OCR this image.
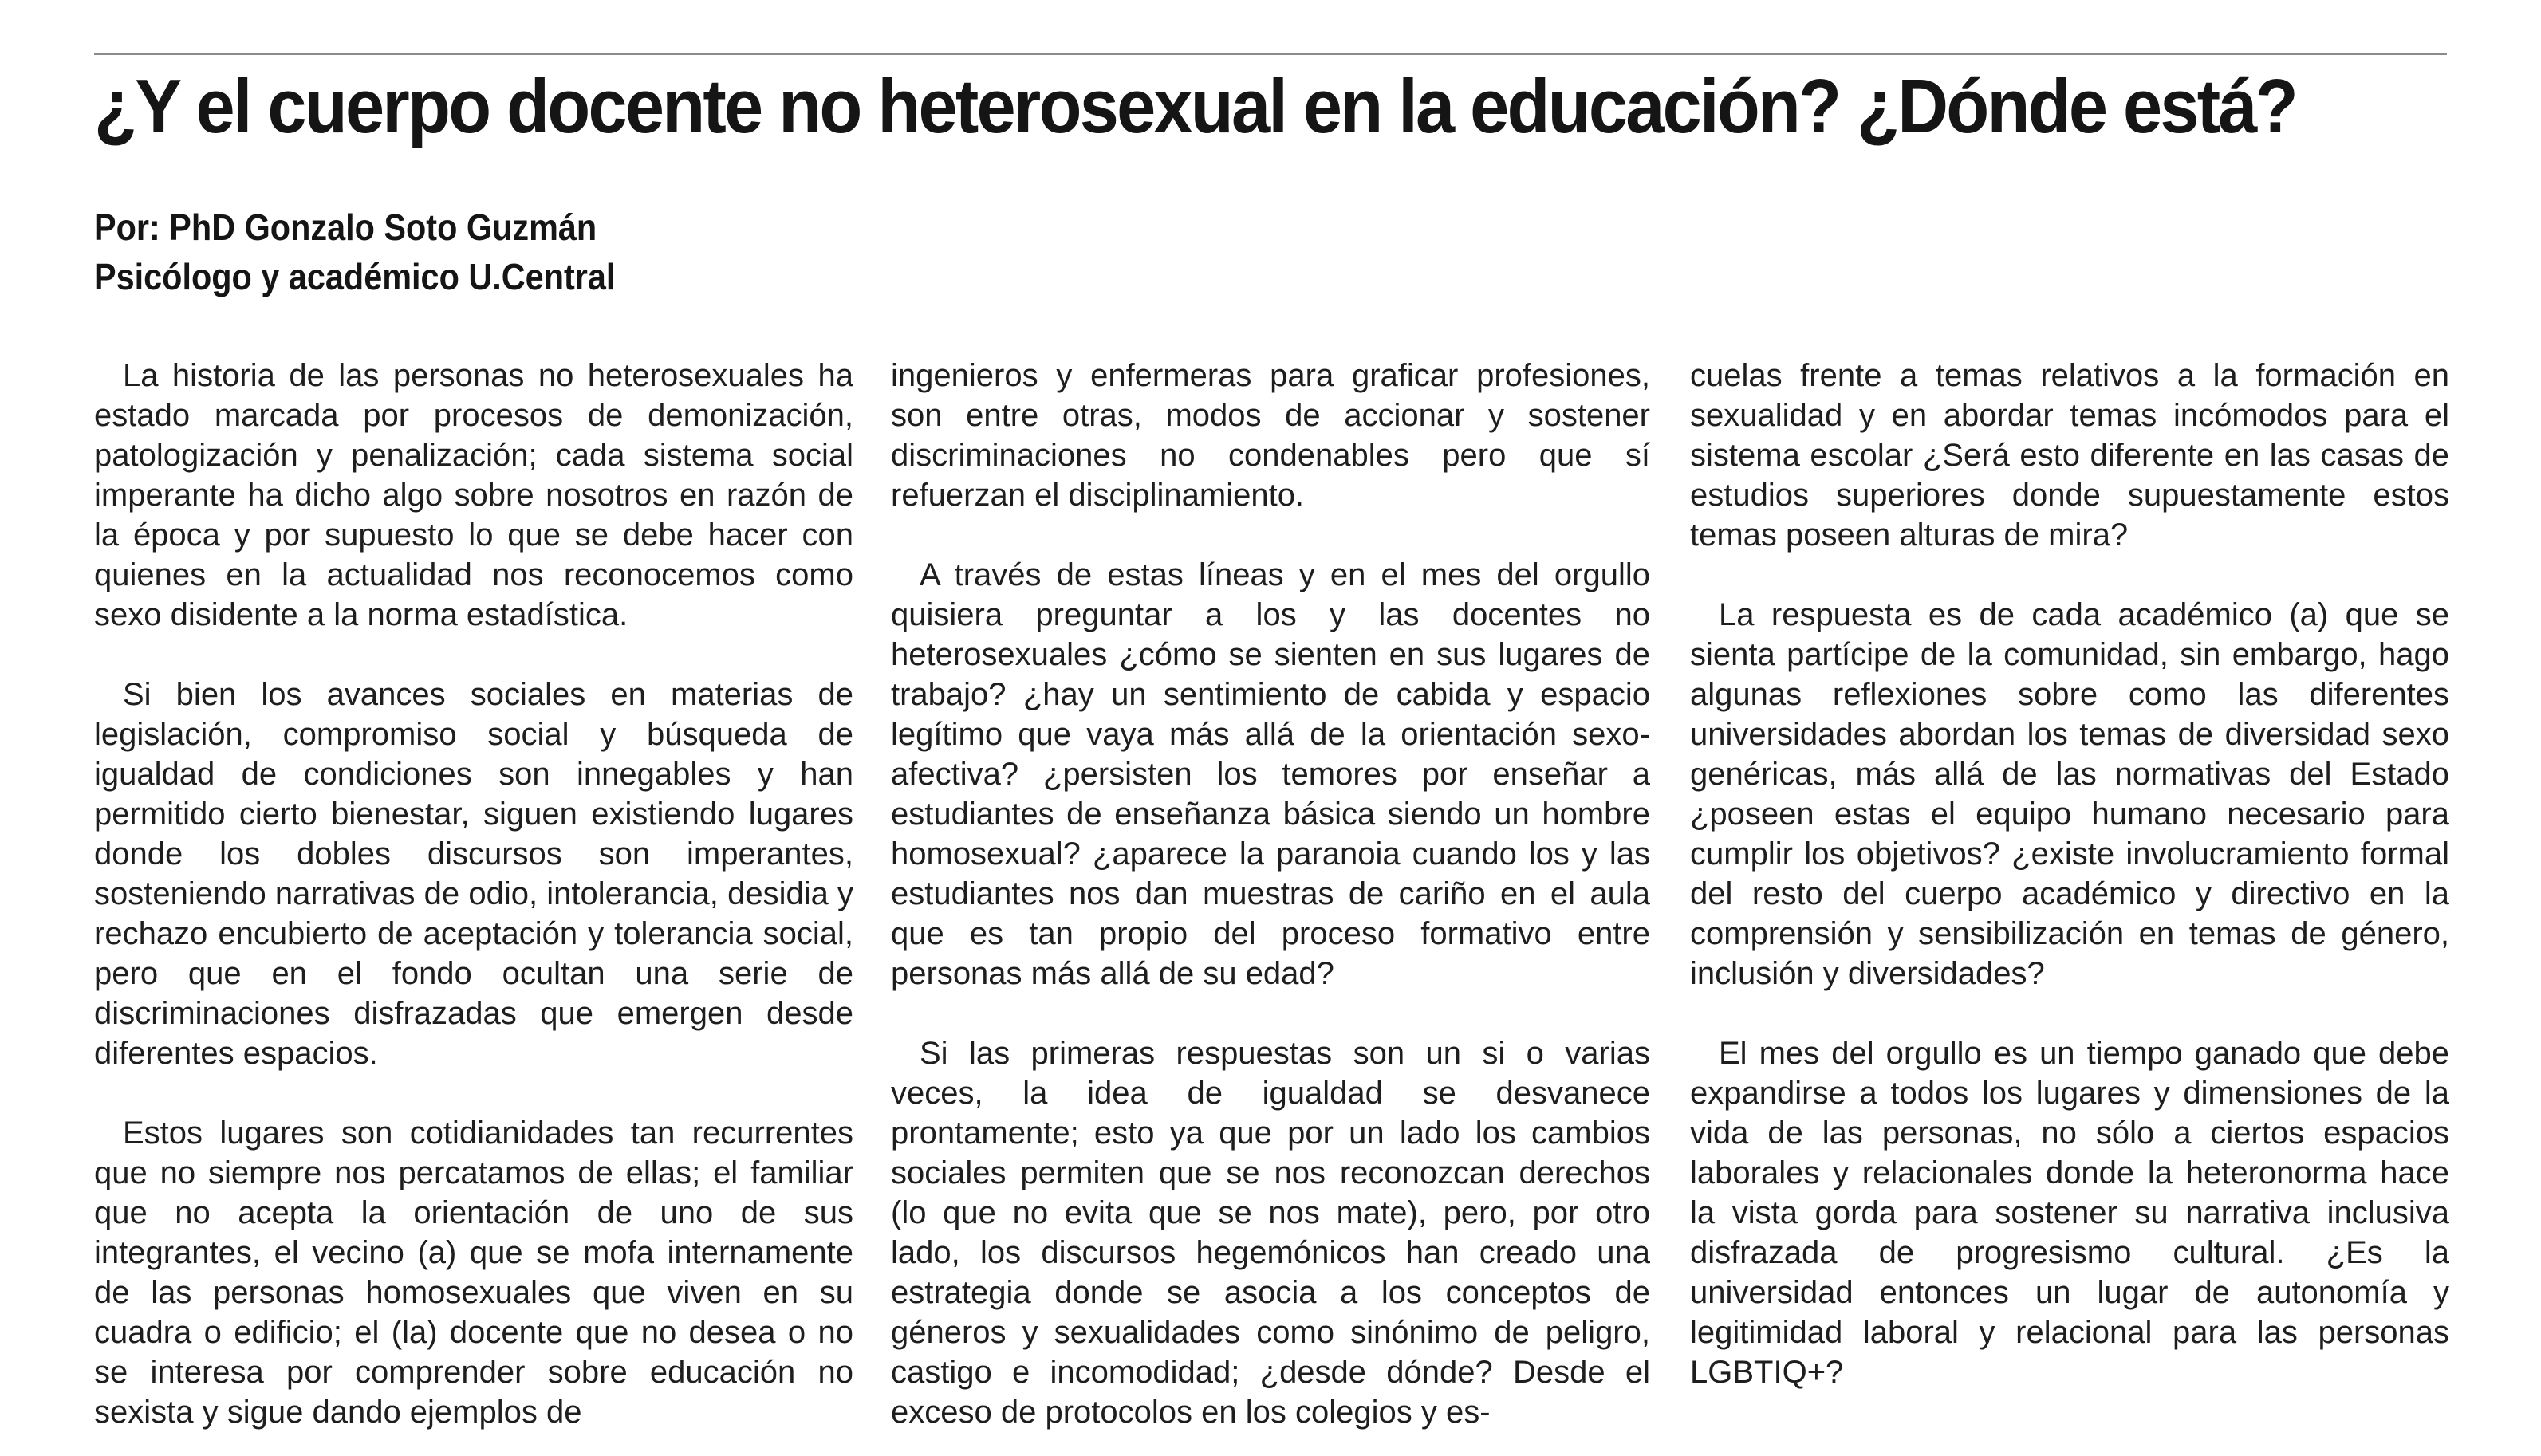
¿Y el cuerpo docente no heterosexual en la educación? ¿Dónde está?
Por: PhD Gonzalo Soto Guzmán
Psicólogo y académico U.Central

La historia de las personas no heterosexuales ha estado marcada por procesos de demonización, patologización y penalización; cada sistema social imperante ha dicho algo sobre nosotros en razón de la época y por supuesto lo que se debe hacer con quienes en la actualidad nos reconocemos como sexo disidente a la norma estadística.

Si bien los avances sociales en materias de legislación, compromiso social y búsqueda de igualdad de condiciones son innegables y han permitido cierto bienestar, siguen existiendo lugares donde los dobles discursos son imperantes, sosteniendo narrativas de odio, intolerancia, desidia y rechazo encubierto de aceptación y tolerancia social, pero que en el fondo ocultan una serie de discriminaciones disfrazadas que emergen desde diferentes espacios.

Estos lugares son cotidianidades tan recurrentes que no siempre nos percatamos de ellas; el familiar que no acepta la orientación de uno de sus integrantes, el vecino (a) que se mofa internamente de las personas homosexuales que viven en su cuadra o edificio; el (la) docente que no desea o no se interesa por comprender sobre educación no sexista y sigue dando ejemplos de

ingenieros y enfermeras para graficar profesiones, son entre otras, modos de accionar y sostener discriminaciones no condenables pero que sí refuerzan el disciplinamiento.

A través de estas líneas y en el mes del orgullo quisiera preguntar a los y las docentes no heterosexuales ¿cómo se sienten en sus lugares de trabajo? ¿hay un sentimiento de cabida y espacio legítimo que vaya más allá de la orientación sexo-afectiva? ¿persisten los temores por enseñar a estudiantes de enseñanza básica siendo un hombre homosexual? ¿aparece la paranoia cuando los y las estudiantes nos dan muestras de cariño en el aula que es tan propio del proceso formativo entre personas más allá de su edad?

Si las primeras respuestas son un si o varias veces, la idea de igualdad se desvanece prontamente; esto ya que por un lado los cambios sociales permiten que se nos reconozcan derechos (lo que no evita que se nos mate), pero, por otro lado, los discursos hegemónicos han creado una estrategia donde se asocia a los conceptos de géneros y sexualidades como sinónimo de peligro, castigo e incomodidad; ¿desde dónde? Desde el exceso de protocolos en los colegios y es-

cuelas frente a temas relativos a la formación en sexualidad y en abordar temas incómodos para el sistema escolar ¿Será esto diferente en las casas de estudios superiores donde supuestamente estos temas poseen alturas de mira?

La respuesta es de cada académico (a) que se sienta partícipe de la comunidad, sin embargo, hago algunas reflexiones sobre como las diferentes universidades abordan los temas de diversidad sexo genéricas, más allá de las normativas del Estado ¿poseen estas el equipo humano necesario para cumplir los objetivos? ¿existe involucramiento formal del resto del cuerpo académico y directivo en la comprensión y sensibilización en temas de género, inclusión y diversidades?

El mes del orgullo es un tiempo ganado que debe expandirse a todos los lugares y dimensiones de la vida de las personas, no sólo a ciertos espacios laborales y relacionales donde la heteronorma hace la vista gorda para sostener su narrativa inclusiva disfrazada de progresismo cultural. ¿Es la universidad entonces un lugar de autonomía y legitimidad laboral y relacional para las personas LGBTIQ+?
